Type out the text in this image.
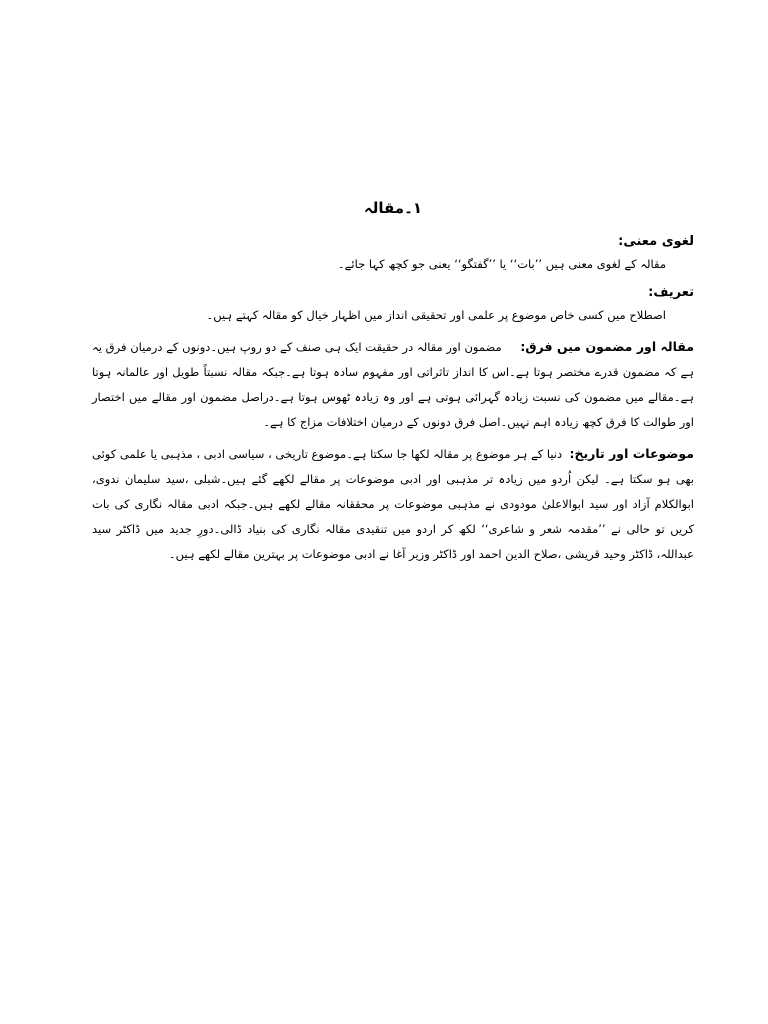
۱۔مقالہ
لغوی معنی:

مقالہ کے لغوی معنی ہیں ’’بات‘‘ یا ’’گفتگو‘‘ یعنی جو کچھ کہا جائے۔

تعریف:

اصطلاح میں کسی خاص موضوع پر علمی اور تحقیقی انداز میں اظہار خیال کو مقالہ کہتے ہیں۔

مقالہ اور مضمون میں فرق:     مضمون اور مقالہ در حقیقت ایک ہی صنف کے دو روپ ہیں۔دونوں کے درمیان فرق یہ ہے کہ مضمون قدرے مختصر ہوتا ہے۔اس کا انداز تاثراتی اور مفہوم سادہ ہوتا ہے۔جبکہ مقالہ نسبتاً طویل اور عالمانہ ہوتا ہے۔مقالے میں مضمون کی نسبت زیادہ گہرائی ہوتی ہے اور وہ زیادہ ٹھوس ہوتا ہے۔دراصل مضمون اور مقالے میں اختصار اور طوالت کا فرق کچھ زیادہ اہم نہیں۔اصل فرق دونوں کے درمیان اختلافات مزاج کا ہے۔

موضوعات اور تاریخ:  دنیا کے ہر موضوع پر مقالہ لکھا جا سکتا ہے۔موضوع تاریخی ، سیاسی ادبی ، مذہبی یا علمی کوئی بھی ہو سکتا ہے۔ لیکن اُردو میں زیادہ تر مذہبی اور ادبی موضوعات پر مقالے لکھے گئے ہیں۔شبلی ،سید سلیمان ندوی، ابوالکلام آزاد اور سید ابوالاعلیٰ مودودی نے مذہبی موضوعات پر محققانہ مقالے لکھے ہیں۔جبکہ ادبی مقالہ نگاری کی بات کریں تو حالی نے ’’مقدمہ شعر و شاعری‘‘ لکھ کر اردو میں تنقیدی مقالہ نگاری کی بنیاد ڈالی۔دورِ جدید میں ڈاکٹر سید عبداللہ، ڈاکٹر وحید قریشی ،صلاح الدین احمد اور ڈاکٹر وزیر آغا نے ادبی موضوعات پر بہترین مقالے لکھے ہیں۔
